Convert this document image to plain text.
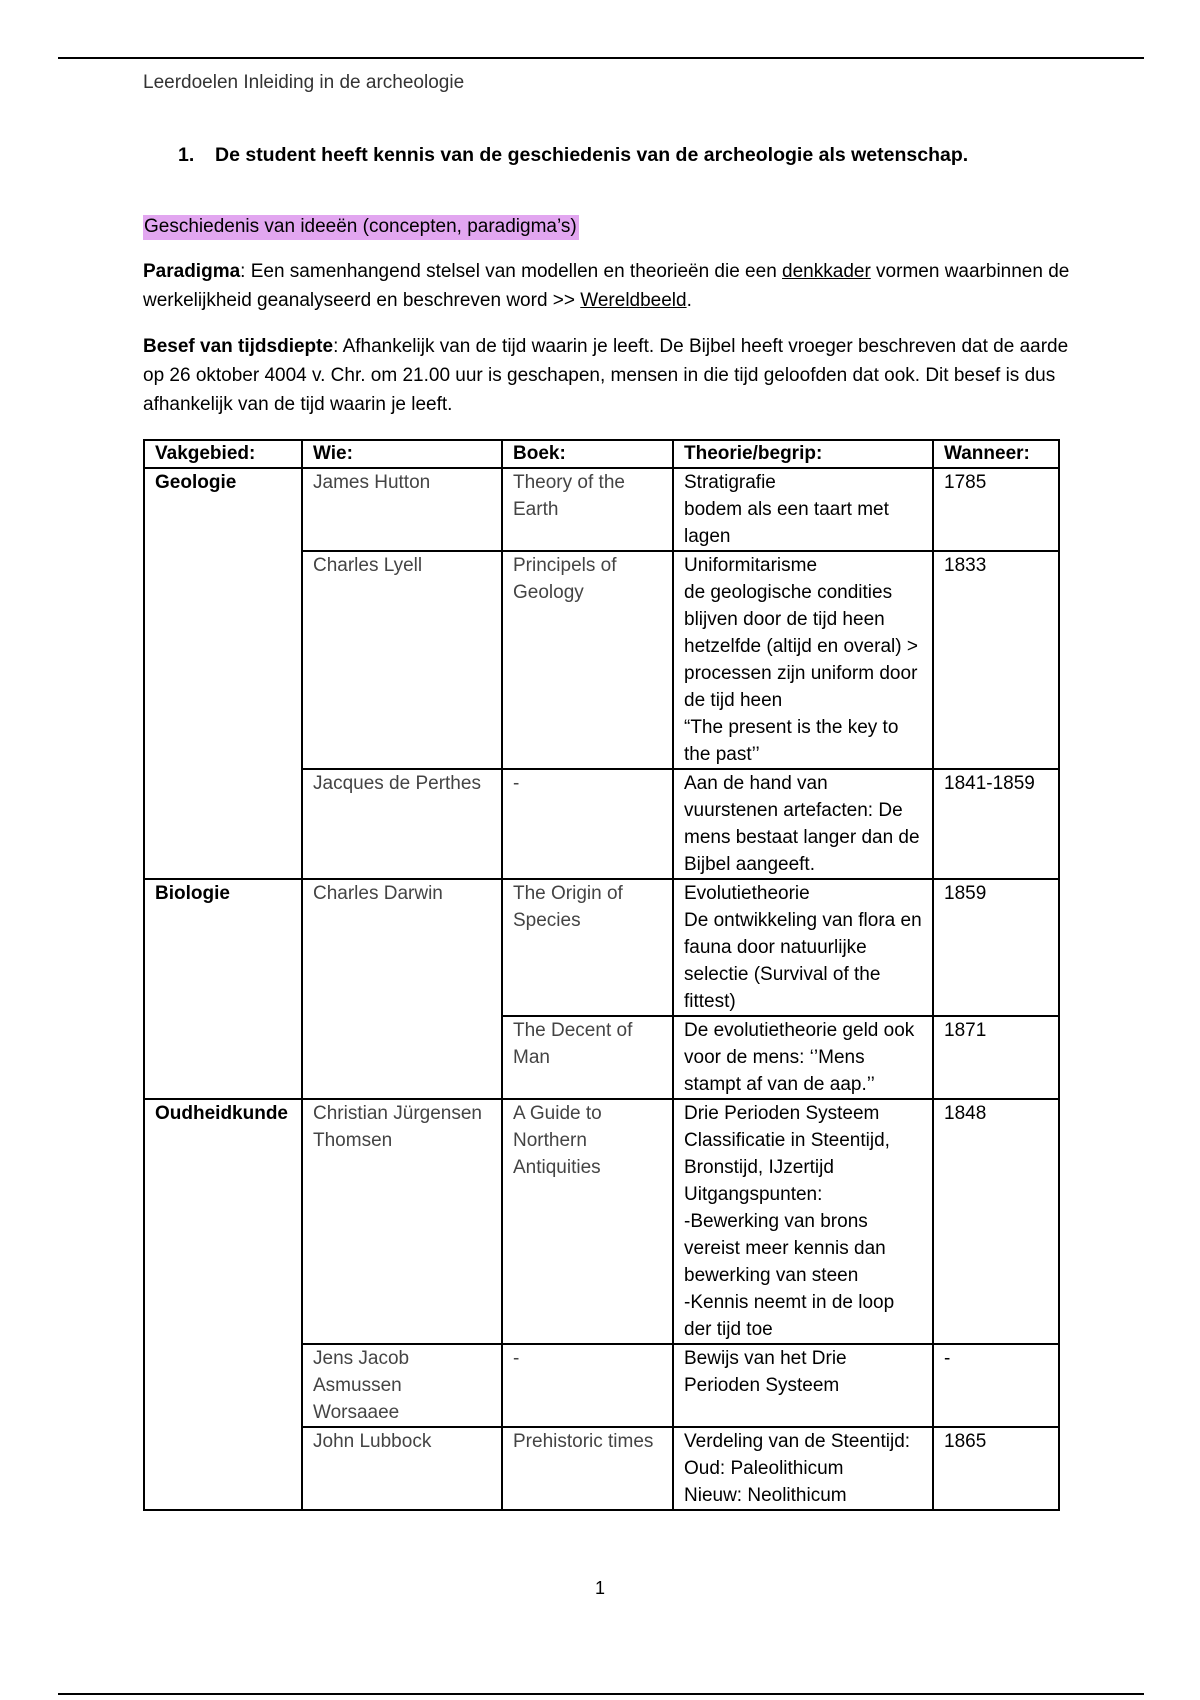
Leerdoelen Inleiding in de archeologie
1. De student heeft kennis van de geschiedenis van de archeologie als wetenschap.
Geschiedenis van ideeën (concepten, paradigma’s)
Paradigma: Een samenhangend stelsel van modellen en theorieën die een denkkader vormen waarbinnen de werkelijkheid geanalyseerd en beschreven word >> Wereldbeeld.
Besef van tijdsdiepte: Afhankelijk van de tijd waarin je leeft. De Bijbel heeft vroeger beschreven dat de aarde op 26 oktober 4004 v. Chr. om 21.00 uur is geschapen, mensen in die tijd geloofden dat ook. Dit besef is dus afhankelijk van de tijd waarin je leeft.
Vakgebied:	Wie:	Boek:	Theorie/begrip:	Wanneer:
Geologie	James Hutton	Theory of the Earth	Stratigrafie
bodem als een taart met lagen	1785
	Charles Lyell	Principels of Geology	Uniformitarisme
de geologische condities blijven door de tijd heen hetzelfde (altijd en overal) > processen zijn uniform door de tijd heen
“The present is the key to the past’’	1833
	Jacques de Perthes	-	Aan de hand van vuurstenen artefacten: De mens bestaat langer dan de Bijbel aangeeft.	1841-1859
Biologie	Charles Darwin	The Origin of Species	Evolutietheorie
De ontwikkeling van flora en fauna door natuurlijke selectie (Survival of the fittest)	1859
		The Decent of Man	De evolutietheorie geld ook voor de mens: ‘’Mens stampt af van de aap.’’	1871
Oudheidkunde	Christian Jürgensen Thomsen	A Guide to Northern Antiquities	Drie Perioden Systeem
Classificatie in Steentijd, Bronstijd, IJzertijd
Uitgangspunten:
-Bewerking van brons vereist meer kennis dan bewerking van steen
-Kennis neemt in de loop der tijd toe	1848
	Jens Jacob Asmussen Worsaaee	-	Bewijs van het Drie Perioden Systeem	-
	John Lubbock	Prehistoric times	Verdeling van de Steentijd:
Oud: Paleolithicum
Nieuw: Neolithicum	1865
1
